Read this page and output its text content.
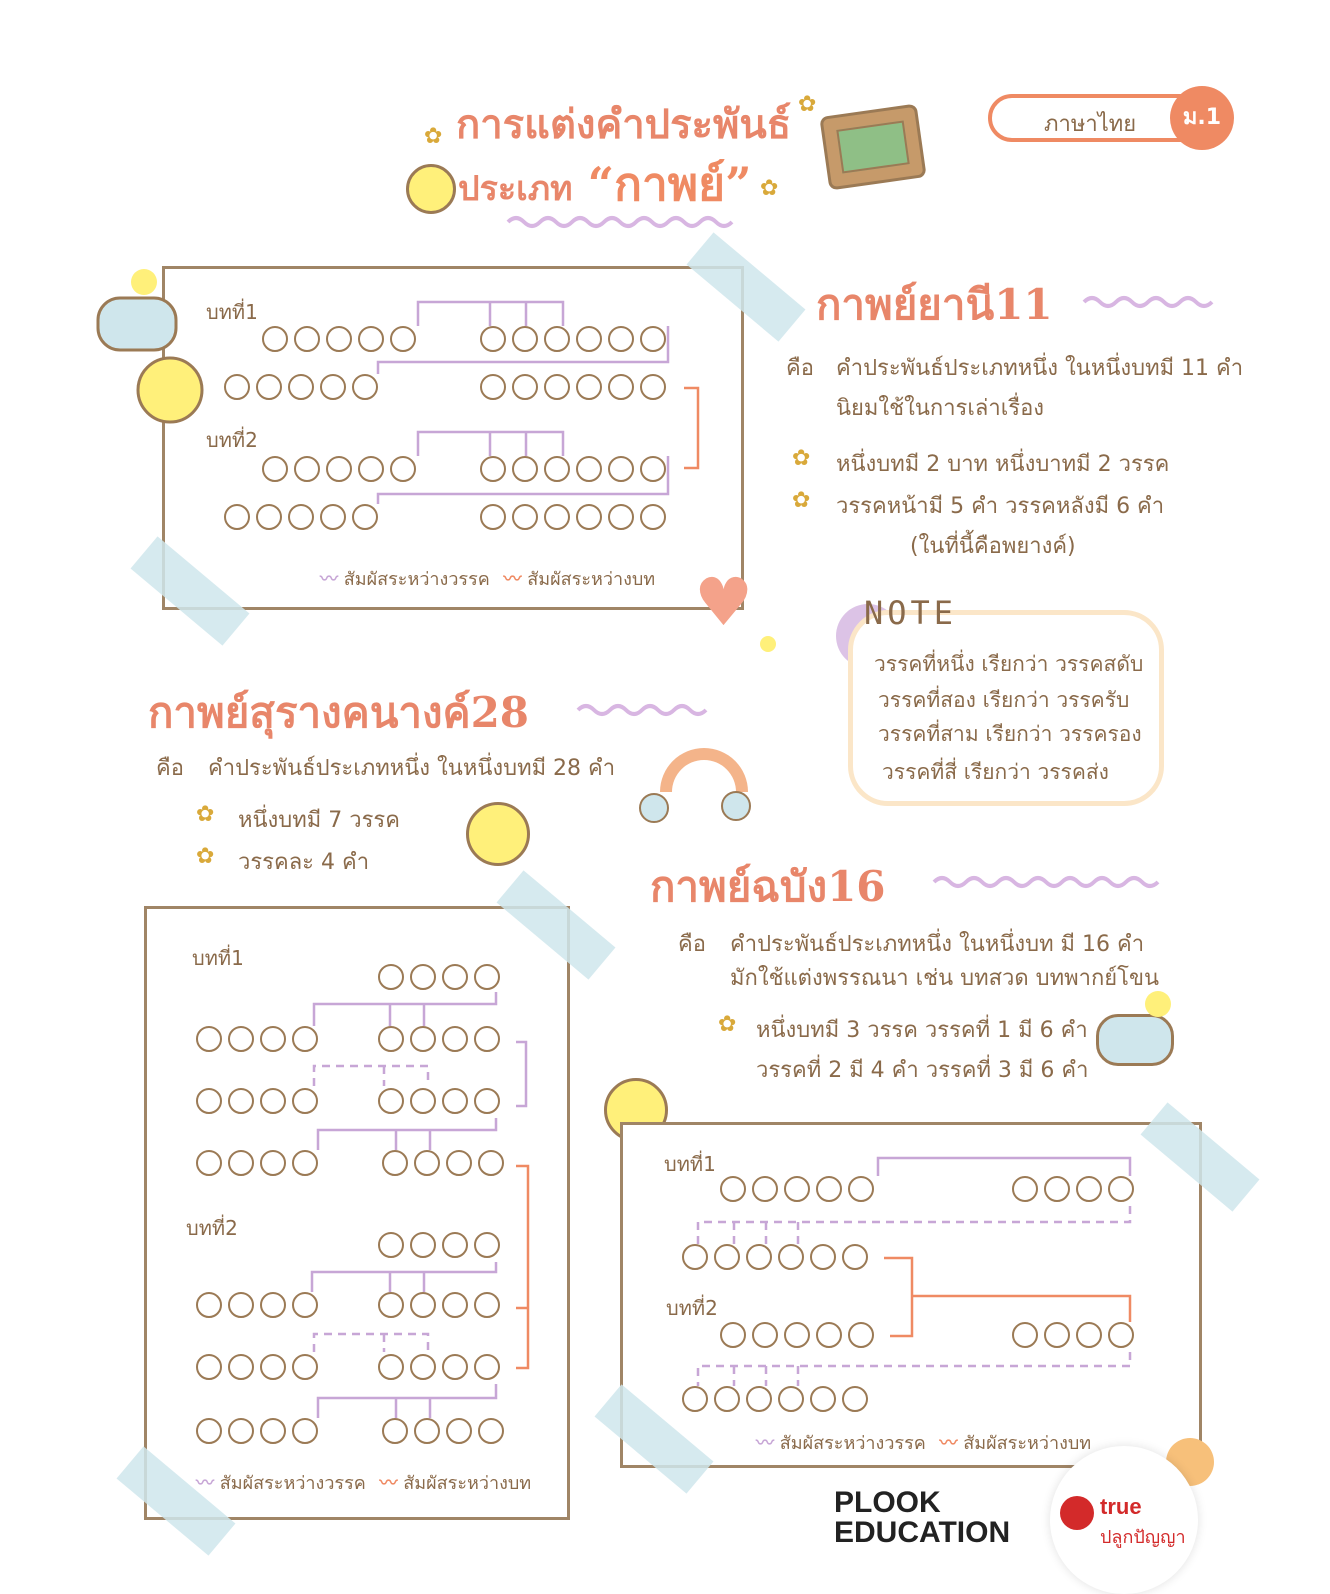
การแต่งคำประพันธ์
ประเภท “กาพย์”
ภาษาไทย	ม.1
✿
✿
✿
บทที่1
บทที่2
〰 สัมผัสระหว่างวรรค 〰 สัมผัสระหว่างบท
กาพย์ยานี11
คือ คำประพันธ์ประเภทหนึ่ง ในหนึ่งบทมี 11 คำ
นิยมใช้ในการเล่าเรื่อง
✿ หนึ่งบทมี 2 บาท หนึ่งบาทมี 2 วรรค
✿ วรรคหน้ามี 5 คำ วรรคหลังมี 6 คำ
(ในที่นี้คือพยางค์)
NOTE
วรรคที่หนึ่ง เรียกว่า วรรคสดับ
วรรคที่สอง เรียกว่า วรรครับ
วรรคที่สาม เรียกว่า วรรครอง
วรรคที่สี่ เรียกว่า วรรคส่ง
♥
กาพย์สุรางคนางค์28
คือ คำประพันธ์ประเภทหนึ่ง ในหนึ่งบทมี 28 คำ
✿ หนึ่งบทมี 7 วรรค
✿ วรรคละ 4 คำ
บทที่1
บทที่2
〰 สัมผัสระหว่างวรรค 〰 สัมผัสระหว่างบท
กาพย์ฉบัง16
คือ คำประพันธ์ประเภทหนึ่ง ในหนึ่งบท มี 16 คำ
มักใช้แต่งพรรณนา เช่น บทสวด บทพากย์โขน
✿ หนึ่งบทมี 3 วรรค วรรคที่ 1 มี 6 คำ
วรรคที่ 2 มี 4 คำ วรรคที่ 3 มี 6 คำ
บทที่1
บทที่2
〰 สัมผัสระหว่างวรรค 〰 สัมผัสระหว่างบท
PLOOK
EDUCATION
true
ปลูกปัญญา
